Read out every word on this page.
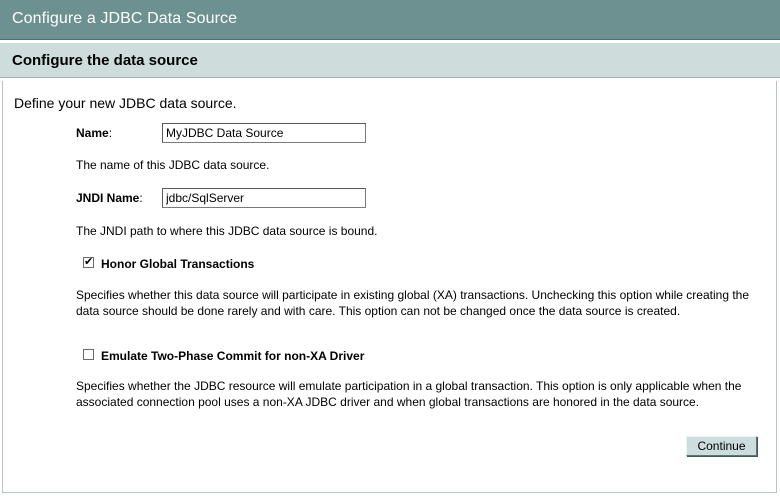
Configure a JDBC Data Source
Configure the data source
Define your new JDBC data source.
Name:
MyJDBC Data Source
The name of this JDBC data source.
JNDI Name:
jdbc/SqlServer
The JNDI path to where this JDBC data source is bound.
✔ Honor Global Transactions
Specifies whether this data source will participate in existing global (XA) transactions. Unchecking this option while creating the data source should be done rarely and with care. This option can not be changed once the data source is created.
Emulate Two-Phase Commit for non-XA Driver
Specifies whether the JDBC resource will emulate participation in a global transaction. This option is only applicable when the associated connection pool uses a non-XA JDBC driver and when global transactions are honored in the data source.
Continue
